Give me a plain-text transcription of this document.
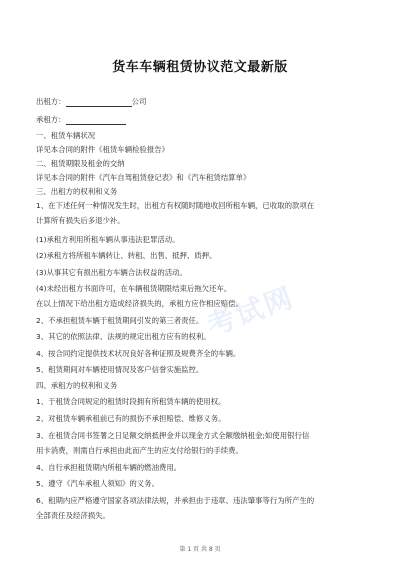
货车车辆租赁协议范文最新版
出租方：	公司
承租方：
一、租赁车辆状况
详见本合同的附件《租赁车辆检验报告》
二、租赁期限及租金的交纳
详见本合同的附件《汽车自驾租赁登记表》和《汽车租赁结算单》
三、出租方的权利和义务
1、在下述任何一种情况发生时，出租方有权随时随地收回所租车辆，已收取的款项在
计算所有损失后多退少补。
(1)承租方利用所租车辆从事违法犯罪活动。
(2)承租方将所租车辆转让、转租、出售、抵押、质押。
(3)从事其它有损出租方车辆合法权益的活动。
(4)未经出租方书面许可，在车辆租赁期限结束后拖欠还车。
在以上情况下给出租方造成经济损失的，承租方应作相应赔偿。
2、不承担租赁车辆于租赁期间引发的第三者责任。
3、其它的依照法律、法规的规定出租方应有的权利。
4、按合同约定提供技术状况良好各种证照及规费齐全的车辆。
5、租赁期间对车辆使用情况及客户信誉实施监控。
四、承租方的权利和义务
1、于租赁合同规定的租赁时段拥有所租赁车辆的使用权。
2、对租赁车辆承租前已有的损伤不承担赔偿、维修义务。
3、在租赁合同书签署之日足额交纳抵押金并以现金方式全额缴纳租金;如使用银行信
用卡消费，则需自行承担由此而产生的应支付给银行的手续费。
4、自行承担租赁期内所租车辆的燃油费用。
5、遵守《汽车承租人须知》的义务。
6、租期内应严格遵守国家各项法律法规，并承担由于违章、违法肇事等行为所产生的
全部责任及经济损失。
考试网
第 1 页 共 8 页
